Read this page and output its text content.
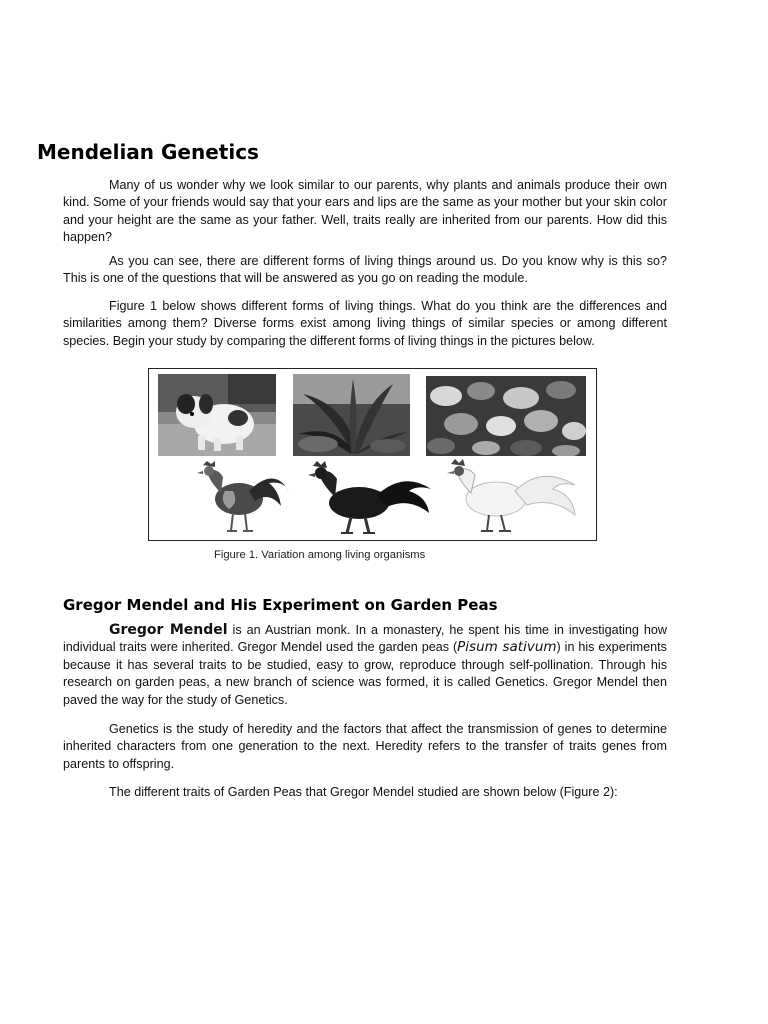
Mendelian Genetics

Many of us wonder why we look similar to our parents, why plants and animals produce their own kind. Some of your friends would say that your ears and lips are the same as your mother but your skin color and your height are the same as your father. Well, traits really are inherited from our parents. How did this happen?

As you can see, there are different forms of living things around us. Do you know why is this so? This is one of the questions that will be answered as you go on reading the module.

Figure 1 below shows different forms of living things. What do you think are the differences and similarities among them? Diverse forms exist among living things of similar species or among different species. Begin your study by comparing the different forms of living things in the pictures below.

Figure 1. Variation among living organisms

Gregor Mendel and His Experiment on Garden Peas

Gregor Mendel is an Austrian monk. In a monastery, he spent his time in investigating how individual traits were inherited. Gregor Mendel used the garden peas (Pisum sativum) in his experiments because it has several traits to be studied, easy to grow, reproduce through self-pollination. Through his research on garden peas, a new branch of science was formed, it is called Genetics. Gregor Mendel then paved the way for the study of Genetics.

Genetics is the study of heredity and the factors that affect the transmission of genes to determine inherited characters from one generation to the next. Heredity refers to the transfer of traits genes from parents to offspring.

The different traits of Garden Peas that Gregor Mendel studied are shown below (Figure 2):
